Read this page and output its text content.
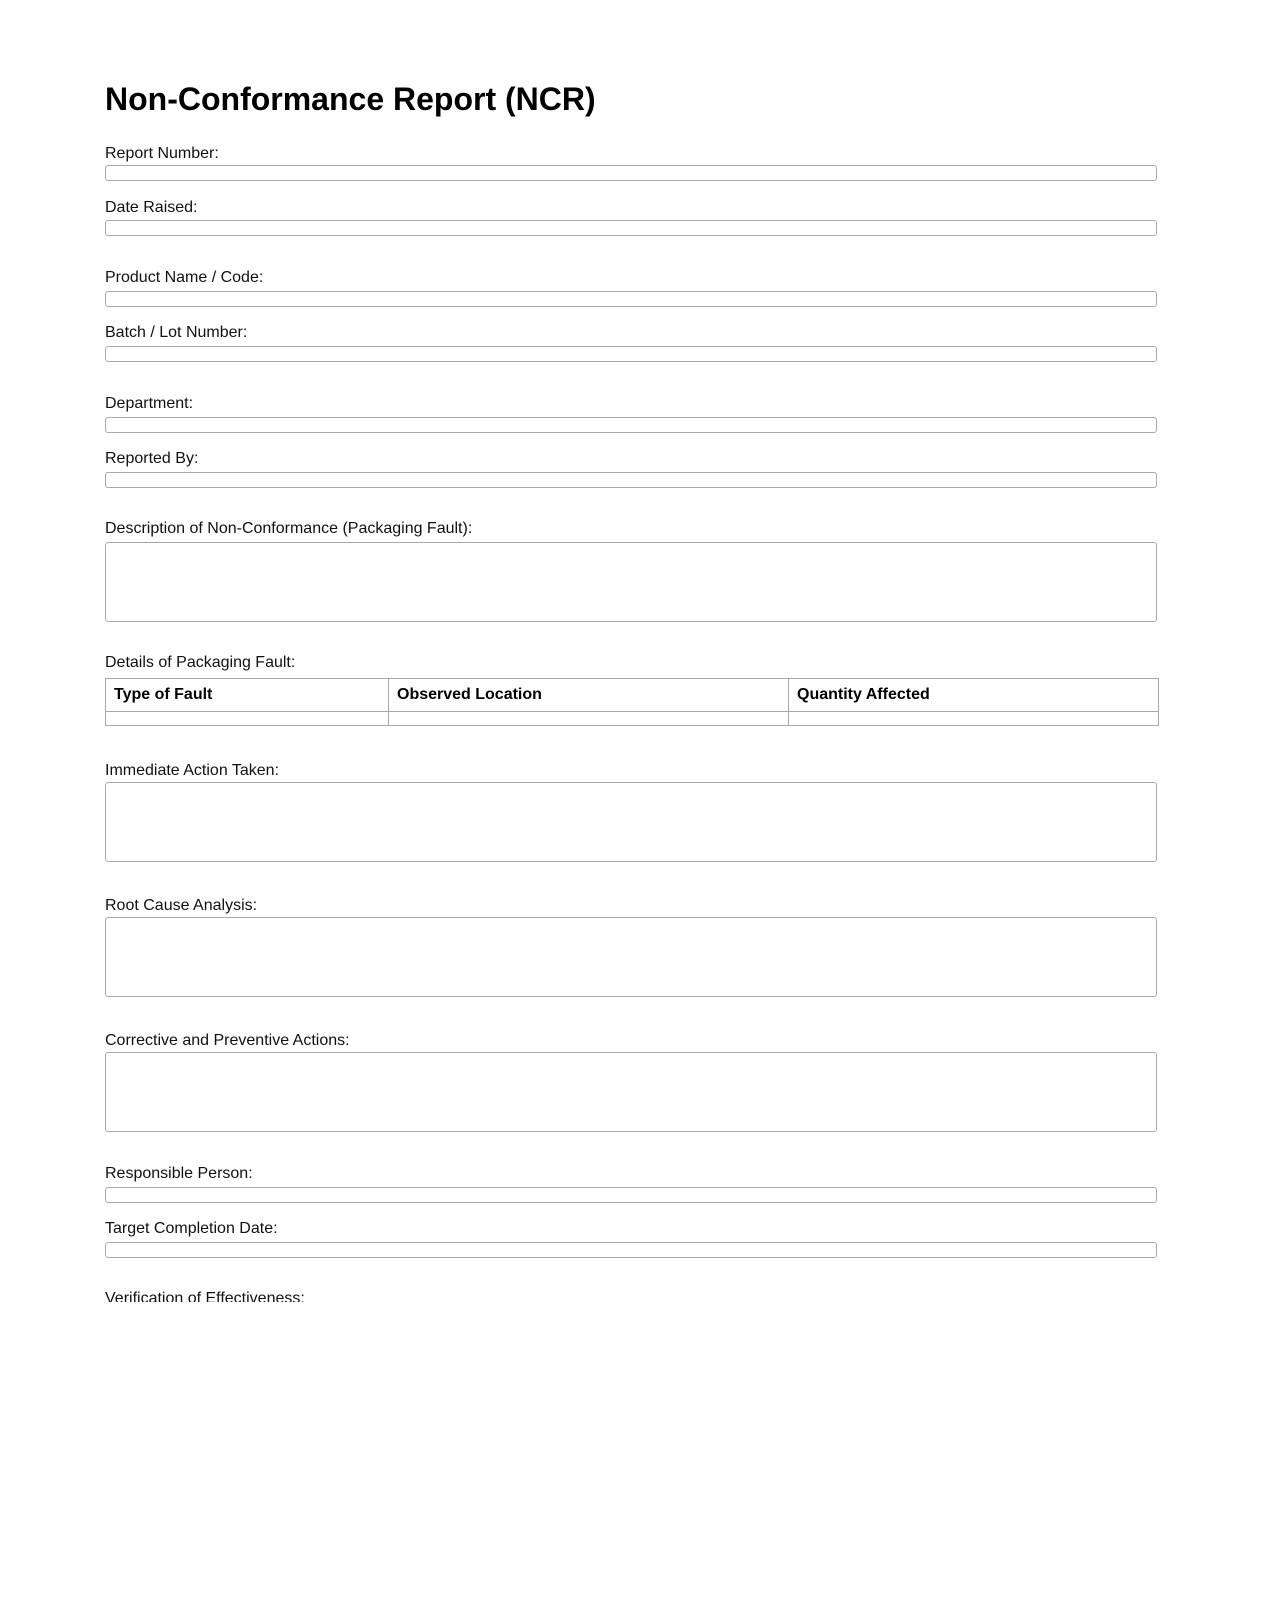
Non-Conformance Report (NCR)
Report Number:
Date Raised:
Product Name / Code:
Batch / Lot Number:
Department:
Reported By:
Description of Non-Conformance (Packaging Fault):
Details of Packaging Fault:
Type of Fault	Observed Location	Quantity Affected

Immediate Action Taken:
Root Cause Analysis:
Corrective and Preventive Actions:
Responsible Person:
Target Completion Date:
Verification of Effectiveness:
